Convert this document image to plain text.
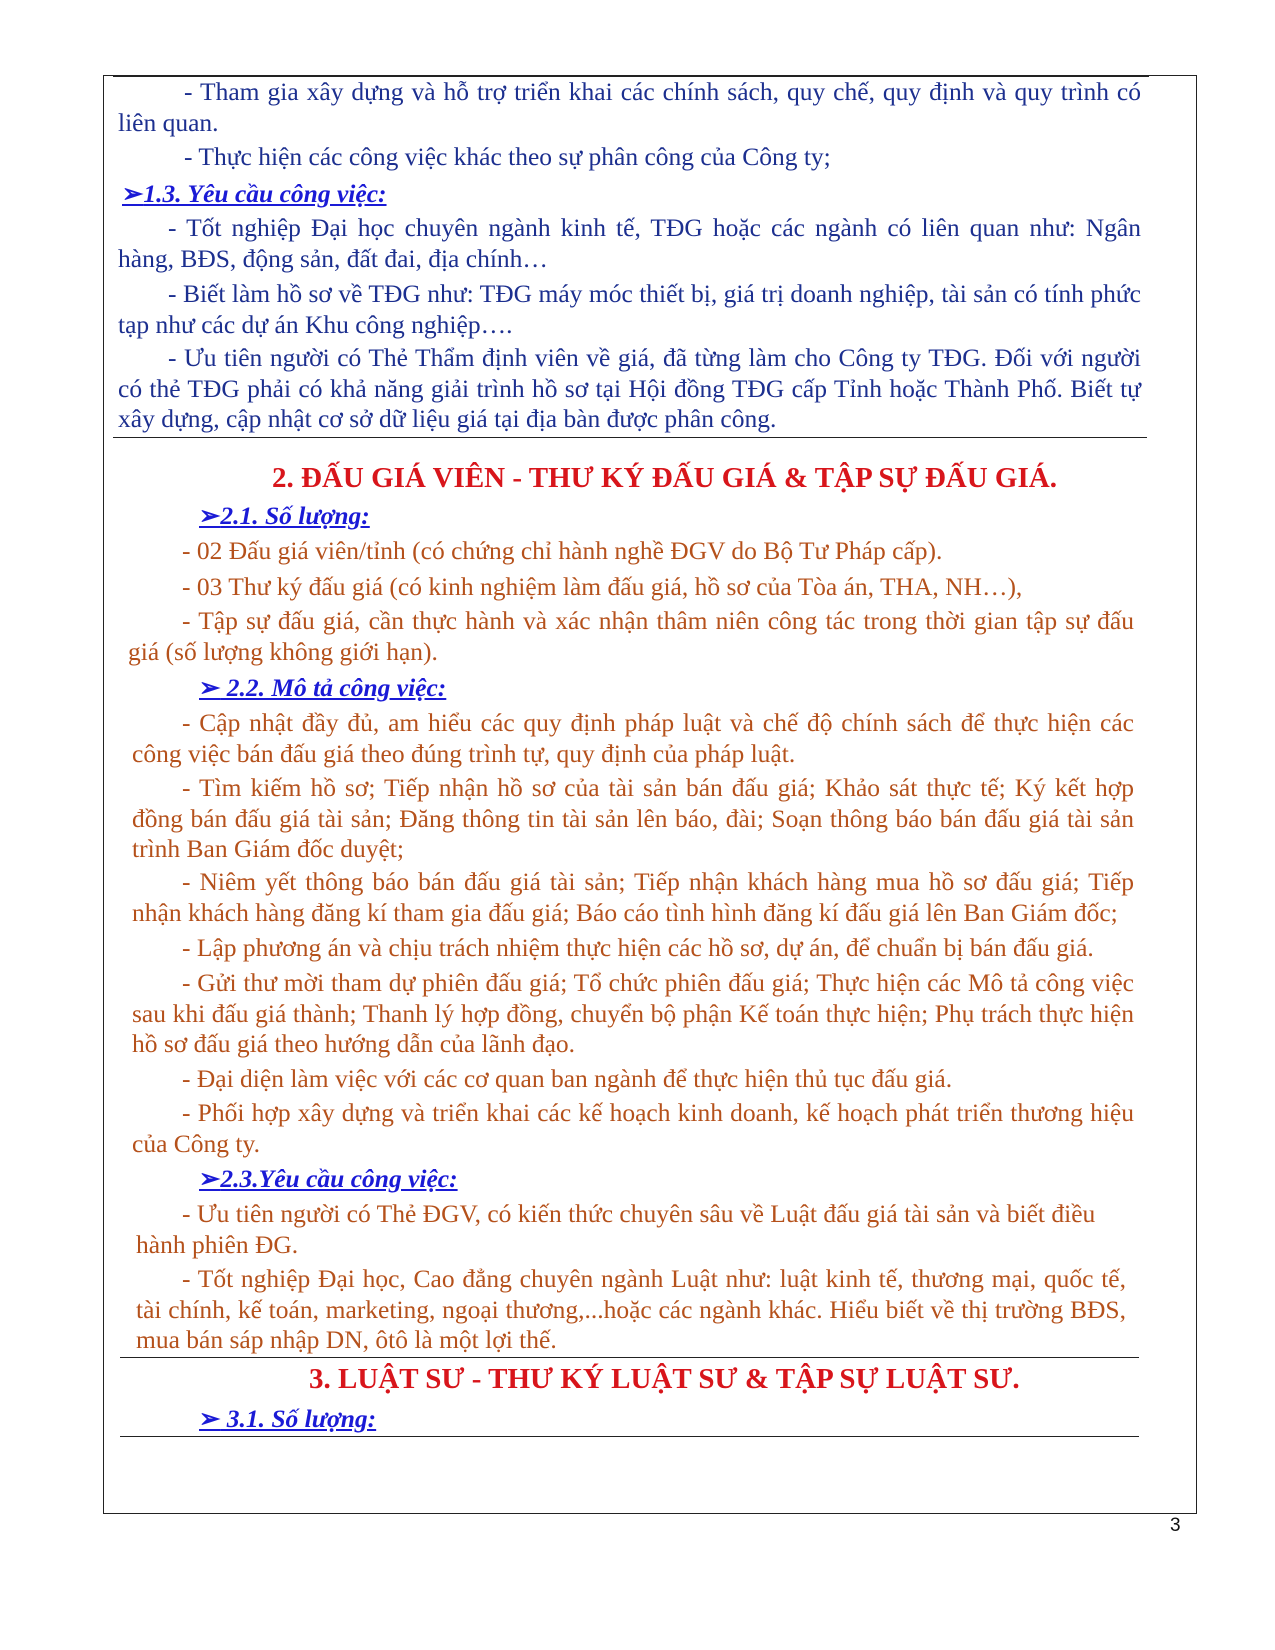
- Tham gia xây dựng và hỗ trợ triển khai các chính sách, quy chế, quy định và quy trình có liên quan.

- Thực hiện các công việc khác theo sự phân công của Công ty;

➢1.3. Yêu cầu công việc:

- Tốt nghiệp Đại học chuyên ngành kinh tế, TĐG hoặc các ngành có liên quan như: Ngân hàng, BĐS, động sản, đất đai, địa chính…

- Biết làm hồ sơ về TĐG như: TĐG máy móc thiết bị, giá trị doanh nghiệp, tài sản có tính phức tạp như các dự án Khu công nghiệp….

- Ưu tiên người có Thẻ Thẩm định viên về giá, đã từng làm cho Công ty TĐG. Đối với người có thẻ TĐG phải có khả năng giải trình hồ sơ tại Hội đồng TĐG cấp Tỉnh hoặc Thành Phố. Biết tự xây dựng, cập nhật cơ sở dữ liệu giá tại địa bàn được phân công.

2. ĐẤU GIÁ VIÊN - THƯ KÝ ĐẤU GIÁ & TẬP SỰ ĐẤU GIÁ.

➢2.1. Số lượng:

- 02 Đấu giá viên/tỉnh (có chứng chỉ hành nghề ĐGV do Bộ Tư Pháp cấp).

- 03 Thư ký đấu giá (có kinh nghiệm làm đấu giá, hồ sơ của Tòa án, THA, NH…),

- Tập sự đấu giá, cần thực hành và xác nhận thâm niên công tác trong thời gian tập sự đấu giá (số lượng không giới hạn).

➢ 2.2. Mô tả công việc:

- Cập nhật đầy đủ, am hiểu các quy định pháp luật và chế độ chính sách để thực hiện các công việc bán đấu giá theo đúng trình tự, quy định của pháp luật.

- Tìm kiếm hồ sơ; Tiếp nhận hồ sơ của tài sản bán đấu giá; Khảo sát thực tế; Ký kết hợp đồng bán đấu giá tài sản; Đăng thông tin tài sản lên báo, đài; Soạn thông báo bán đấu giá tài sản trình Ban Giám đốc duyệt;

- Niêm yết thông báo bán đấu giá tài sản; Tiếp nhận khách hàng mua hồ sơ đấu giá; Tiếp nhận khách hàng đăng kí tham gia đấu giá; Báo cáo tình hình đăng kí đấu giá lên Ban Giám đốc;

- Lập phương án và chịu trách nhiệm thực hiện các hồ sơ, dự án, để chuẩn bị bán đấu giá.

- Gửi thư mời tham dự phiên đấu giá; Tổ chức phiên đấu giá; Thực hiện các Mô tả công việc sau khi đấu giá thành; Thanh lý hợp đồng, chuyển bộ phận Kế toán thực hiện; Phụ trách thực hiện hồ sơ đấu giá theo hướng dẫn của lãnh đạo.

- Đại diện làm việc với các cơ quan ban ngành để thực hiện thủ tục đấu giá.

- Phối hợp xây dựng và triển khai các kế hoạch kinh doanh, kế hoạch phát triển thương hiệu của Công ty.

➢2.3.Yêu cầu công việc:

- Ưu tiên người có Thẻ ĐGV, có kiến thức chuyên sâu về Luật đấu giá tài sản và biết điều hành phiên ĐG.

- Tốt nghiệp Đại học, Cao đẳng chuyên ngành Luật như: luật kinh tế, thương mại, quốc tế, tài chính, kế toán, marketing, ngoại thương,...hoặc các ngành khác. Hiểu biết về thị trường BĐS, mua bán sáp nhập DN, ôtô là một lợi thế.

3. LUẬT SƯ - THƯ KÝ LUẬT SƯ & TẬP SỰ LUẬT SƯ.

➢ 3.1. Số lượng:

3
